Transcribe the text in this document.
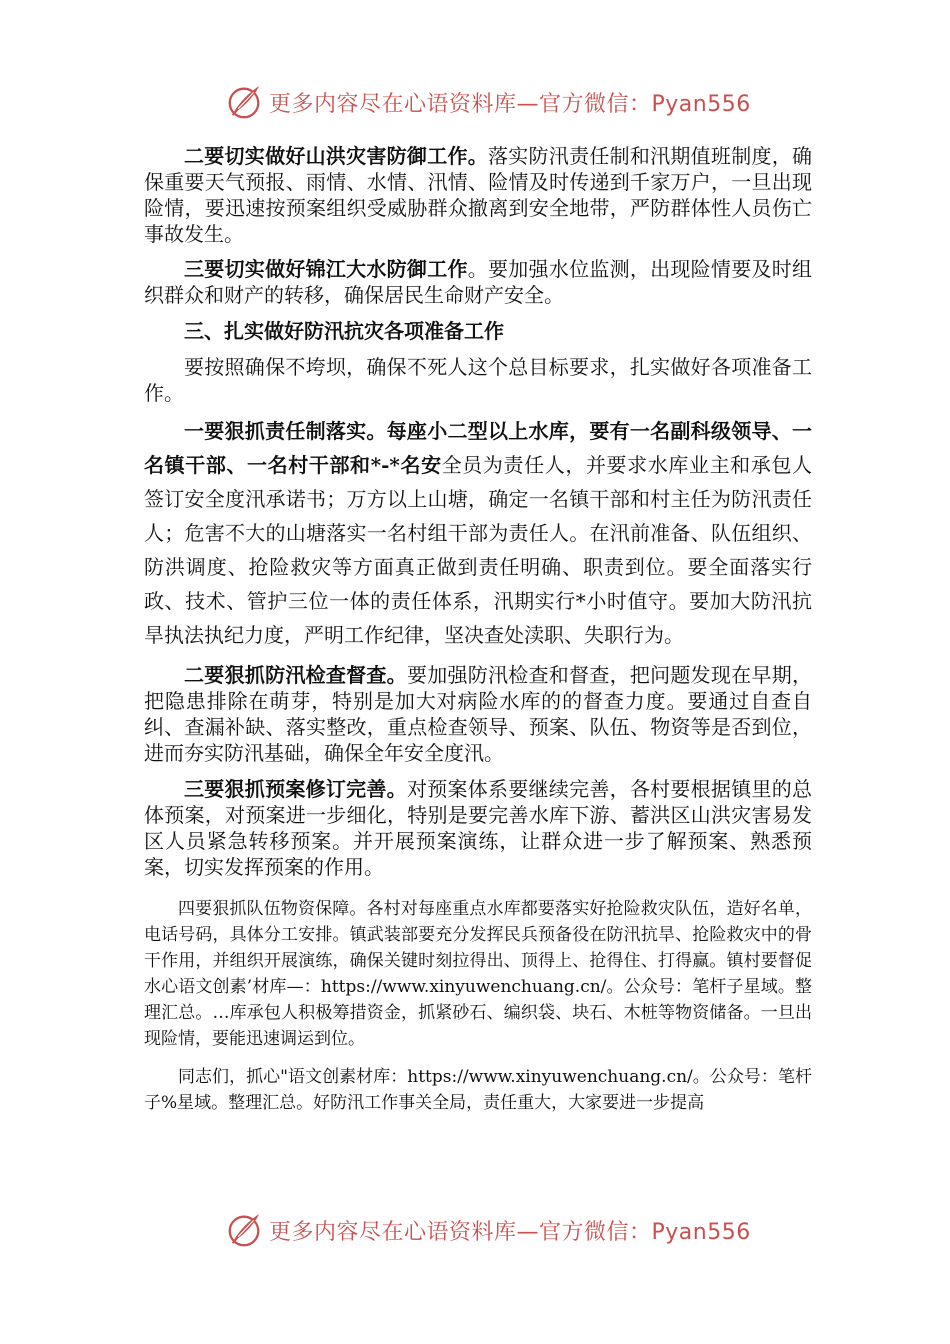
更多内容尽在心语资料库—官方微信：Pyan556

二要切实做好山洪灾害防御工作。落实防汛责任制和汛期值班制度，确保重要天气预报、雨情、水情、汛情、险情及时传递到千家万户，一旦出现险情，要迅速按预案组织受威胁群众撤离到安全地带，严防群体性人员伤亡事故发生。

三要切实做好锦江大水防御工作。要加强水位监测，出现险情要及时组织群众和财产的转移，确保居民生命财产安全。

三、扎实做好防汛抗灾各项准备工作

要按照确保不垮坝，确保不死人这个总目标要求，扎实做好各项准备工作。

一要狠抓责任制落实。每座小二型以上水库，要有一名副科级领导、一名镇干部、一名村干部和*-*名安全员为责任人，并要求水库业主和承包人签订安全度汛承诺书；万方以上山塘，确定一名镇干部和村主任为防汛责任人；危害不大的山塘落实一名村组干部为责任人。在汛前准备、队伍组织、防洪调度、抢险救灾等方面真正做到责任明确、职责到位。要全面落实行政、技术、管护三位一体的责任体系，汛期实行*小时值守。要加大防汛抗旱执法执纪力度，严明工作纪律，坚决查处渎职、失职行为。

二要狠抓防汛检查督查。要加强防汛检查和督查，把问题发现在早期，把隐患排除在萌芽，特别是加大对病险水库的的督查力度。要通过自查自纠、查漏补缺、落实整改，重点检查领导、预案、队伍、物资等是否到位，进而夯实防汛基础，确保全年安全度汛。

三要狠抓预案修订完善。对预案体系要继续完善，各村要根据镇里的总体预案，对预案进一步细化，特别是要完善水库下游、蓄洪区山洪灾害易发区人员紧急转移预案。并开展预案演练，让群众进一步了解预案、熟悉预案，切实发挥预案的作用。

四要狠抓队伍物资保障。各村对每座重点水库都要落实好抢险救灾队伍，造好名单，电话号码，具体分工安排。镇武装部要充分发挥民兵预备役在防汛抗旱、抢险救灾中的骨干作用，并组织开展演练，确保关键时刻拉得出、顶得上、抢得住、打得赢。镇村要督促水心语文创素’材库—：https://www.xinyuwenchuang.cn/。公众号：笔杆子星域。整理汇总。…库承包人积极筹措资金，抓紧砂石、编织袋、块石、木桩等物资储备。一旦出现险情，要能迅速调运到位。

同志们，抓心"语文创素材库：https://www.xinyuwenchuang.cn/。公众号：笔杆子%星域。整理汇总。好防汛工作事关全局，责任重大，大家要进一步提高

更多内容尽在心语资料库—官方微信：Pyan556
